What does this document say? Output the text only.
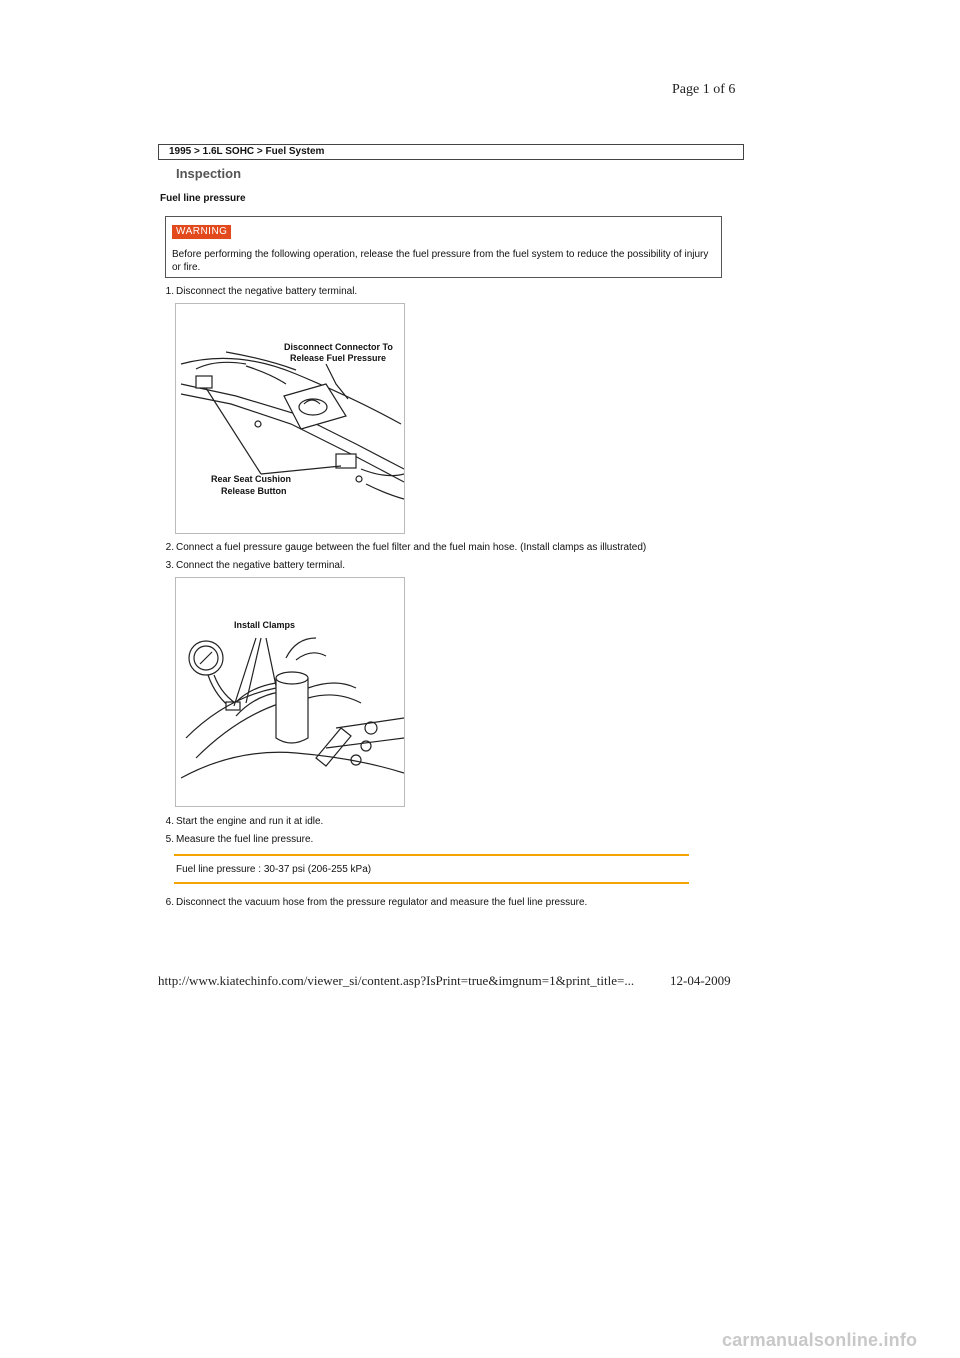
Page 1 of 6
1995 > 1.6L SOHC > Fuel System
Inspection
Fuel line pressure
WARNING
Before performing the following operation, release the fuel pressure from the fuel system to reduce the possibility of injury or fire.
1. Disconnect the negative battery terminal.
Disconnect Connector To
Release Fuel Pressure
Rear Seat Cushion
Release Button
2. Connect a fuel pressure gauge between the fuel filter and the fuel main hose. (Install clamps as illustrated)
3. Connect the negative battery terminal.
Install Clamps
4. Start the engine and run it at idle.
5. Measure the fuel line pressure.
Fuel line pressure : 30-37 psi (206-255 kPa)
6. Disconnect the vacuum hose from the pressure regulator and measure the fuel line pressure.
http://www.kiatechinfo.com/viewer_si/content.asp?IsPrint=true&imgnum=1&print_title=...	12-04-2009
carmanualsonline.info
